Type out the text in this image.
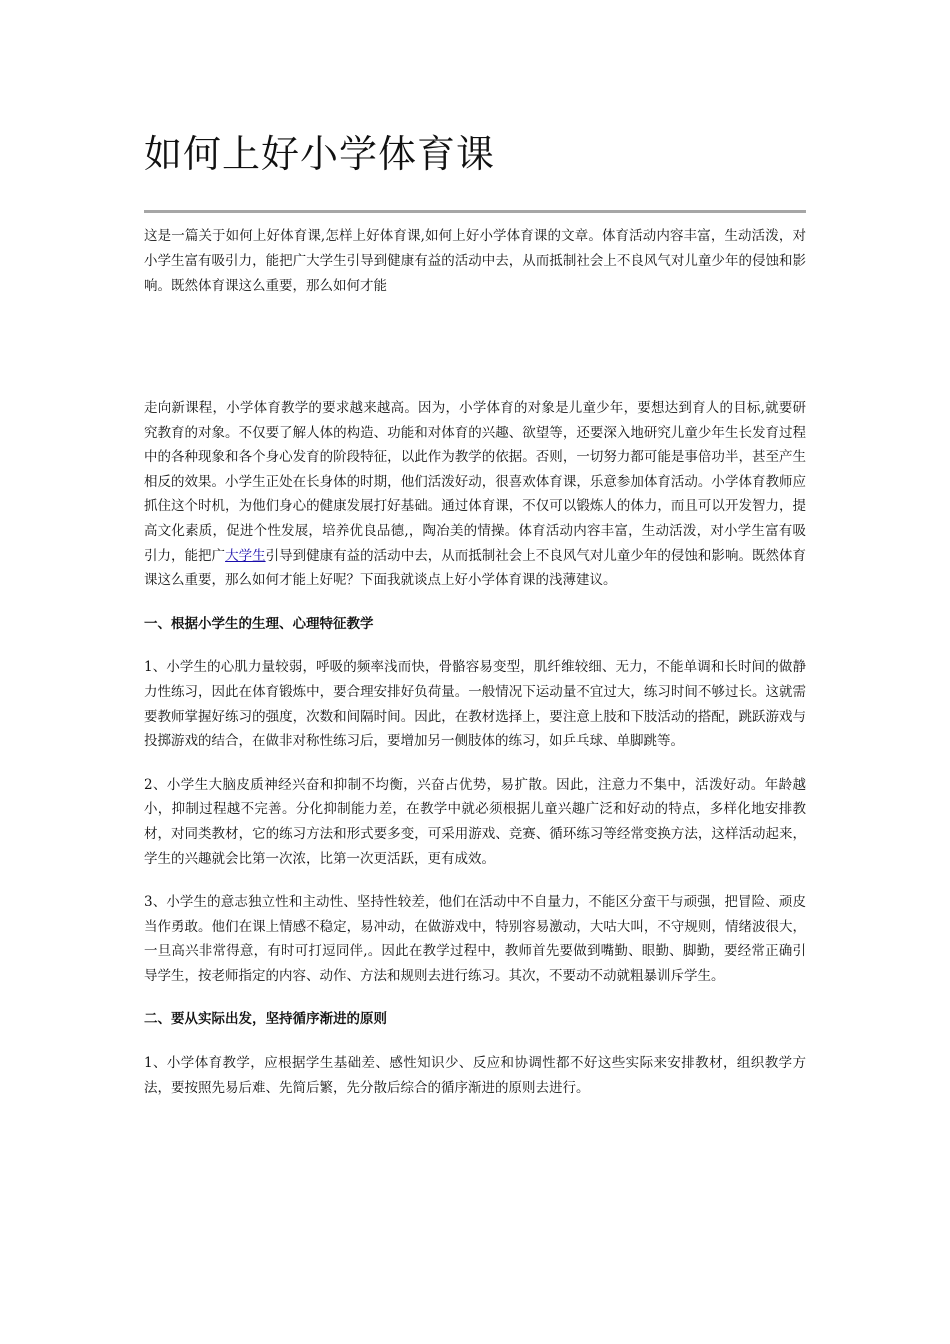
如何上好小学体育课

这是一篇关于如何上好体育课,怎样上好体育课,如何上好小学体育课的文章。体育活动内容丰富，生动活泼，对小学生富有吸引力，能把广大学生引导到健康有益的活动中去，从而抵制社会上不良风气对儿童少年的侵蚀和影响。既然体育课这么重要，那么如何才能

走向新课程，小学体育教学的要求越来越高。因为，小学体育的对象是儿童少年，要想达到育人的目标,就要研究教育的对象。不仅要了解人体的构造、功能和对体育的兴趣、欲望等，还要深入地研究儿童少年生长发育过程中的各种现象和各个身心发育的阶段特征，以此作为教学的依据。否则，一切努力都可能是事倍功半，甚至产生相反的效果。小学生正处在长身体的时期，他们活泼好动，很喜欢体育课，乐意参加体育活动。小学体育教师应抓住这个时机，为他们身心的健康发展打好基础。通过体育课，不仅可以锻炼人的体力，而且可以开发智力，提高文化素质，促进个性发展，培养优良品德,，陶冶美的情操。体育活动内容丰富，生动活泼，对小学生富有吸引力，能把广大学生引导到健康有益的活动中去，从而抵制社会上不良风气对儿童少年的侵蚀和影响。既然体育课这么重要，那么如何才能上好呢？下面我就谈点上好小学体育课的浅薄建议。

一、根据小学生的生理、心理特征教学

1、小学生的心肌力量较弱，呼吸的频率浅而快，骨骼容易变型，肌纤维较细、无力，不能单调和长时间的做静力性练习，因此在体育锻炼中，要合理安排好负荷量。一般情况下运动量不宜过大，练习时间不够过长。这就需要教师掌握好练习的强度，次数和间隔时间。因此，在教材选择上，要注意上肢和下肢活动的搭配，跳跃游戏与投掷游戏的结合，在做非对称性练习后，要增加另一侧肢体的练习，如乒乓球、单脚跳等。

2、小学生大脑皮质神经兴奋和抑制不均衡，兴奋占优势，易扩散。因此，注意力不集中，活泼好动。年龄越小，抑制过程越不完善。分化抑制能力差，在教学中就必须根据儿童兴趣广泛和好动的特点，多样化地安排教材，对同类教材，它的练习方法和形式要多变，可采用游戏、竞赛、循环练习等经常变换方法，这样活动起来，学生的兴趣就会比第一次浓，比第一次更活跃，更有成效。

3、小学生的意志独立性和主动性、坚持性较差，他们在活动中不自量力，不能区分蛮干与顽强，把冒险、顽皮当作勇敢。他们在课上情感不稳定，易冲动，在做游戏中，特别容易激动，大咕大叫，不守规则，情绪波很大，一旦高兴非常得意，有时可打逗同伴,。因此在教学过程中，教师首先要做到嘴勤、眼勤、脚勤，要经常正确引导学生，按老师指定的内容、动作、方法和规则去进行练习。其次，不要动不动就粗暴训斥学生。

二、要从实际出发，坚持循序渐进的原则

1、小学体育教学，应根据学生基础差、感性知识少、反应和协调性都不好这些实际来安排教材，组织教学方法，要按照先易后难、先简后繁，先分散后综合的循序渐进的原则去进行。
